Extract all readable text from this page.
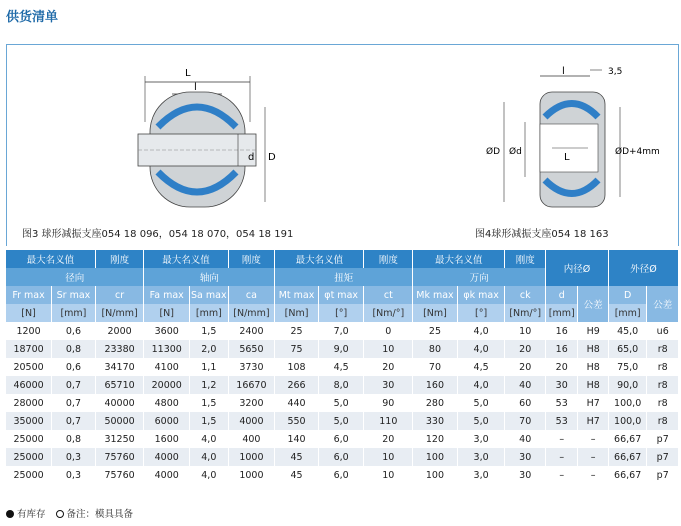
供货清单
L
l
d D
图3 球形减振支座054 18 096，054 18 070，054 18 191
l	3,5
ØD Ød	L	ØD+4mm
图4球形减振支座054 18 163
最大名义值		刚度	最大名义值		刚度	最大名义值		刚度	最大名义值		刚度	内径Ø		外径Ø	
径向			轴向			扭矩			万向						
Fr max	Sr max	cr	Fa max	Sa max	ca	Mt max	φt max	ct	Mk max	φk max	ck	d	公差	D	公差
[N]	[mm]	[N/mm]	[N]	[mm]	[N/mm]	[Nm]	[°]	[Nm/°]	[Nm]	[°]	[Nm/°]	[mm]		[mm]	
1200	0,6	2000	3600	1,5	2400	25	7,0	0	25	4,0	10	16	H9	45,0	u6
18700	0,8	23380	11300	2,0	5650	75	9,0	10	80	4,0	20	16	H8	65,0	r8
20500	0,6	34170	4100	1,1	3730	108	4,5	20	70	4,5	20	20	H8	75,0	r8
46000	0,7	65710	20000	1,2	16670	266	8,0	30	160	4,0	40	30	H8	90,0	r8
28000	0,7	40000	4800	1,5	3200	440	5,0	90	280	5,0	60	53	H7	100,0	r8
35000	0,7	50000	6000	1,5	4000	550	5,0	110	330	5,0	70	53	H7	100,0	r8
25000	0,8	31250	1600	4,0	400	140	6,0	20	120	3,0	40	–	–	66,67	p7
25000	0,3	75760	4000	4,0	1000	45	6,0	10	100	3,0	30	–	–	66,67	p7
25000	0,3	75760	4000	4,0	1000	45	6,0	10	100	3,0	30	–	–	66,67	p7
有库存	备注：模具具备
